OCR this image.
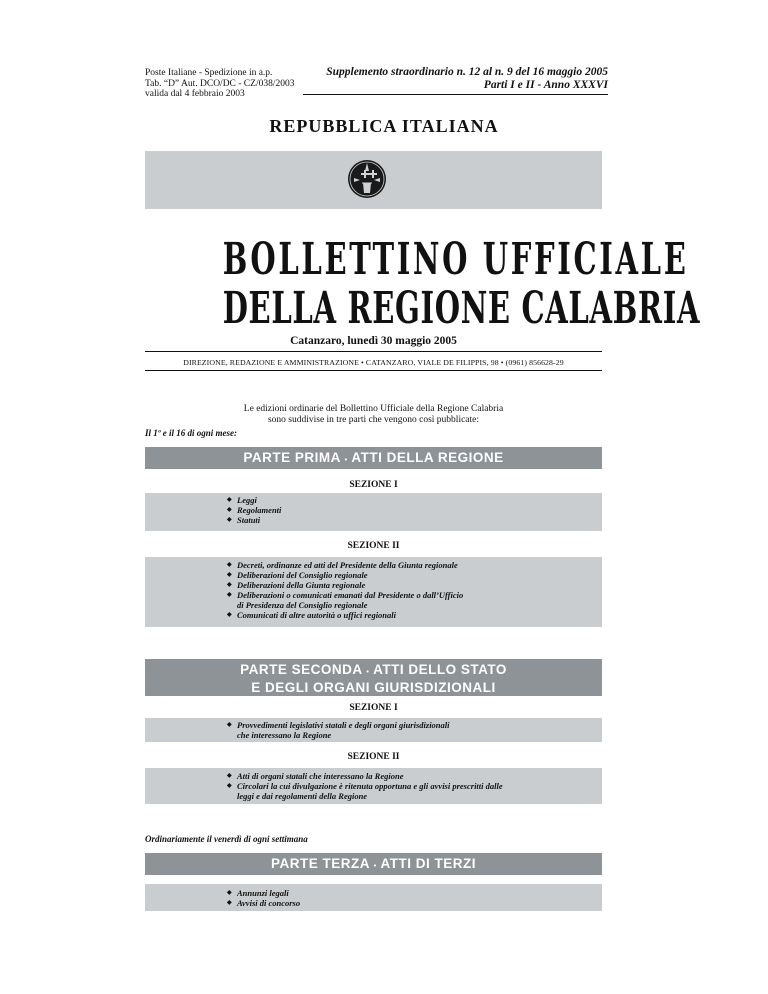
Poste Italiane - Spedizione in a.p.
Tab. “D” Aut. DCO/DC - CZ/038/2003
valida dal 4 febbraio 2003
Supplemento straordinario n. 12 al n. 9 del 16 maggio 2005
Parti I e II - Anno XXXVI
REPUBBLICA ITALIANA
BOLLETTINO UFFICIALE
DELLA REGIONE CALABRIA
Catanzaro, lunedì 30 maggio 2005
DIREZIONE, REDAZIONE E AMMINISTRAZIONE • CATANZARO, VIALE DE FILIPPIS, 98 • (0961) 856628-29
Le edizioni ordinarie del Bollettino Ufficiale della Regione Calabria
sono suddivise in tre parti che vengono così pubblicate:
Il 1º e il 16 di ogni mese:
PARTE PRIMA • ATTI DELLA REGIONE
SEZIONE I
◆ Leggi
◆ Regolamenti
◆ Statuti
SEZIONE II
◆ Decreti, ordinanze ed atti del Presidente della Giunta regionale
◆ Deliberazioni del Consiglio regionale
◆ Deliberazioni della Giunta regionale
◆ Deliberazioni o comunicati emanati dal Presidente o dall’Ufficio
di Presidenza del Consiglio regionale
◆ Comunicati di altre autorità o uffici regionali
PARTE SECONDA • ATTI DELLO STATO
E DEGLI ORGANI GIURISDIZIONALI
SEZIONE I
◆ Provvedimenti legislativi statali e degli organi giurisdizionali
che interessano la Regione
SEZIONE II
◆ Atti di organi statali che interessano la Regione
◆ Circolari la cui divulgazione è ritenuta opportuna e gli avvisi prescritti dalle
leggi e dai regolamenti della Regione
Ordinariamente il venerdì di ogni settimana
PARTE TERZA • ATTI DI TERZI
◆ Annunzi legali
◆ Avvisi di concorso
